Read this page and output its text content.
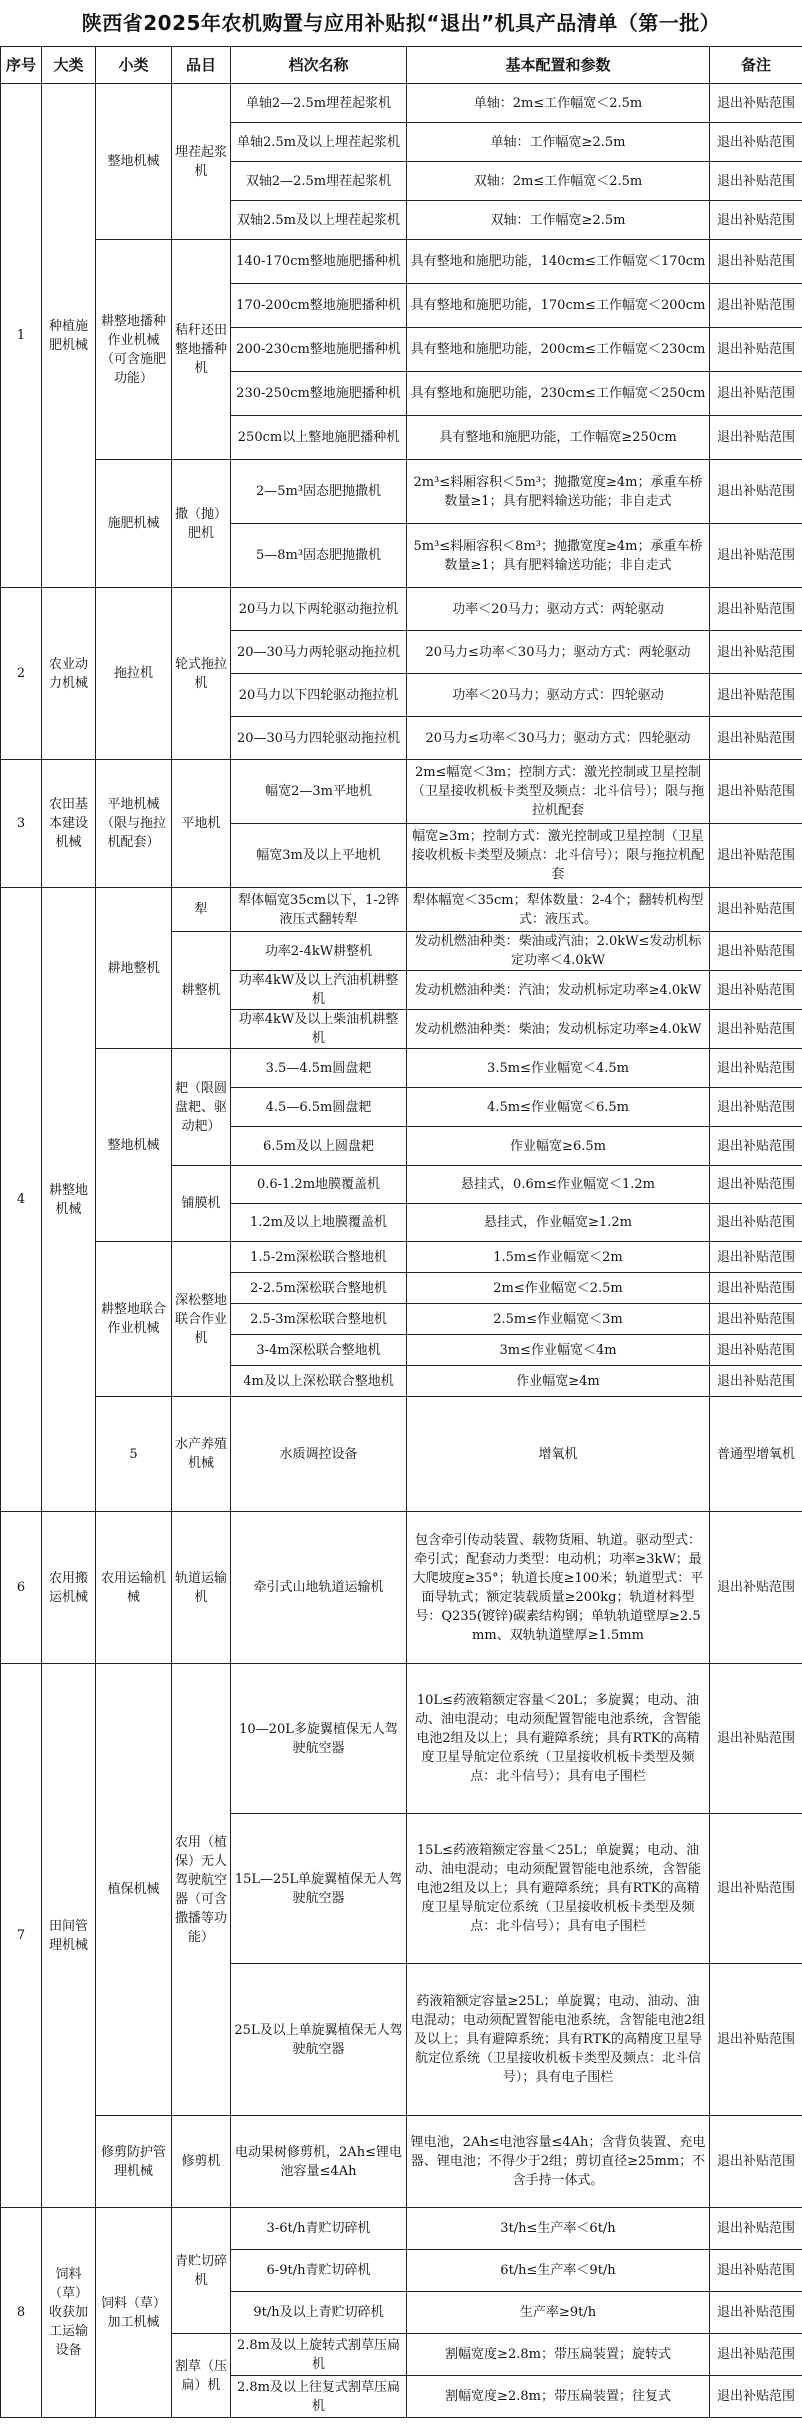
陕西省2025年农机购置与应用补贴拟“退出”机具产品清单（第一批）
序号	大类	小类	品目	档次名称	基本配置和参数	备注	
1	种植施肥机械	整地机械	埋茬起浆机	单轴2—2.5m埋茬起浆机	单轴：2m≤工作幅宽＜2.5m	退出补贴范围	
				单轴2.5m及以上埋茬起浆机	单轴：工作幅宽≥2.5m	退出补贴范围	
				双轴2—2.5m埋茬起浆机	双轴：2m≤工作幅宽＜2.5m	退出补贴范围	
				双轴2.5m及以上埋茬起浆机	双轴：工作幅宽≥2.5m	退出补贴范围	
		耕整地播种作业机械（可含施肥功能）	秸秆还田整地播种机	140-170cm整地施肥播种机	具有整地和施肥功能，140cm≤工作幅宽＜170cm	退出补贴范围	
				170-200cm整地施肥播种机	具有整地和施肥功能，170cm≤工作幅宽＜200cm	退出补贴范围	
				200-230cm整地施肥播种机	具有整地和施肥功能，200cm≤工作幅宽＜230cm	退出补贴范围	
				230-250cm整地施肥播种机	具有整地和施肥功能，230cm≤工作幅宽＜250cm	退出补贴范围	
				250cm以上整地施肥播种机	具有整地和施肥功能，工作幅宽≥250cm	退出补贴范围	
		施肥机械	撒（抛）肥机	2—5m³固态肥抛撒机	2m³≤料厢容积＜5m³；抛撒宽度≥4m；承重车桥数量≥1；具有肥料输送功能；非自走式	退出补贴范围	
				5—8m³固态肥抛撒机	5m³≤料厢容积＜8m³；抛撒宽度≥4m；承重车桥数量≥1；具有肥料输送功能；非自走式	退出补贴范围	
2	农业动力机械	拖拉机	轮式拖拉机	20马力以下两轮驱动拖拉机	功率＜20马力；驱动方式：两轮驱动	退出补贴范围	
				20—30马力两轮驱动拖拉机	20马力≤功率＜30马力；驱动方式：两轮驱动	退出补贴范围	
				20马力以下四轮驱动拖拉机	功率＜20马力；驱动方式：四轮驱动	退出补贴范围	
				20—30马力四轮驱动拖拉机	20马力≤功率＜30马力；驱动方式：四轮驱动	退出补贴范围	
3	农田基本建设机械	平地机械（限与拖拉机配套）	平地机	幅宽2—3m平地机	2m≤幅宽＜3m；控制方式：激光控制或卫星控制（卫星接收机板卡类型及频点：北斗信号）；限与拖拉机配套	退出补贴范围	
				幅宽3m及以上平地机	幅宽≥3m；控制方式：激光控制或卫星控制（卫星接收机板卡类型及频点：北斗信号）；限与拖拉机配套	退出补贴范围	
4	耕整地机械	耕地整机	犁	犁体幅宽35cm以下，1-2铧液压式翻转犁	犁体幅宽＜35cm；犁体数量：2-4个；翻转机构型式：液压式。	退出补贴范围	
			耕整机	功率2-4kW耕整机	发动机燃油种类：柴油或汽油；2.0kW≤发动机标定功率＜4.0kW	退出补贴范围	
				功率4kW及以上汽油机耕整机	发动机燃油种类：汽油；发动机标定功率≥4.0kW	退出补贴范围	
				功率4kW及以上柴油机耕整机	发动机燃油种类：柴油；发动机标定功率≥4.0kW	退出补贴范围	
		整地机械	耙（限圆盘耙、驱动耙）	3.5—4.5m圆盘耙	3.5m≤作业幅宽＜4.5m	退出补贴范围	
				4.5—6.5m圆盘耙	4.5m≤作业幅宽＜6.5m	退出补贴范围	
				6.5m及以上圆盘耙	作业幅宽≥6.5m	退出补贴范围	
			铺膜机	0.6-1.2m地膜覆盖机	悬挂式，0.6m≤作业幅宽＜1.2m	退出补贴范围	
				1.2m及以上地膜覆盖机	悬挂式，作业幅宽≥1.2m	退出补贴范围	
		耕整地联合作业机械	深松整地联合作业机	1.5-2m深松联合整地机	1.5m≤作业幅宽＜2m	退出补贴范围	
				2-2.5m深松联合整地机	2m≤作业幅宽＜2.5m	退出补贴范围	
				2.5-3m深松联合整地机	2.5m≤作业幅宽＜3m	退出补贴范围	
				3-4m深松联合整地机	3m≤作业幅宽＜4m	退出补贴范围	
				4m及以上深松联合整地机	作业幅宽≥4m	退出补贴范围	
		5	水产养殖机械	水质调控设备	增氧机	普通型增氧机		
6	农用搬运机械	农用运输机械	轨道运输机	牵引式山地轨道运输机	包含牵引传动装置、载物货厢、轨道。驱动型式：牵引式；配套动力类型：电动机；功率≥3kW；最大爬坡度≥35°；轨道长度≥100米；轨道型式：平面导轨式；额定装载质量≥200kg；轨道材料型号：Q235(镀锌)碳素结构钢；单轨轨道壁厚≥2.5mm、双轨轨道壁厚≥1.5mm	退出补贴范围	
7	田间管理机械	植保机械	农用（植保）无人驾驶航空器（可含撒播等功能）	10—20L多旋翼植保无人驾驶航空器	10L≤药液箱额定容量＜20L；多旋翼；电动、油动、油电混动；电动须配置智能电池系统，含智能电池2组及以上；具有避障系统；具有RTK的高精度卫星导航定位系统（卫星接收机板卡类型及频点：北斗信号）；具有电子围栏	退出补贴范围	
				15L—25L单旋翼植保无人驾驶航空器	15L≤药液箱额定容量＜25L；单旋翼；电动、油动、油电混动；电动须配置智能电池系统，含智能电池2组及以上；具有避障系统；具有RTK的高精度卫星导航定位系统（卫星接收机板卡类型及频点：北斗信号）；具有电子围栏	退出补贴范围	
				25L及以上单旋翼植保无人驾驶航空器	药液箱额定容量≥25L；单旋翼；电动、油动、油电混动；电动须配置智能电池系统，含智能电池2组及以上；具有避障系统；具有RTK的高精度卫星导航定位系统（卫星接收机板卡类型及频点：北斗信号）；具有电子围栏	退出补贴范围	
		修剪防护管理机械	修剪机	电动果树修剪机，2Ah≤锂电池容量≤4Ah	锂电池，2Ah≤电池容量≤4Ah；含背负装置、充电器、锂电池；不得少于2组；剪切直径≥25mm；不含手持一体式。	退出补贴范围	
8	饲料（草）收获加工运输设备	饲料（草）加工机械	青贮切碎机	3-6t/h青贮切碎机	3t/h≤生产率＜6t/h	退出补贴范围	
				6-9t/h青贮切碎机	6t/h≤生产率＜9t/h	退出补贴范围	
				9t/h及以上青贮切碎机	生产率≥9t/h	退出补贴范围	
			割草（压扁）机	2.8m及以上旋转式割草压扁机	割幅宽度≥2.8m；带压扁装置；旋转式	退出补贴范围	
				2.8m及以上往复式割草压扁机	割幅宽度≥2.8m；带压扁装置；往复式	退出补贴范围	
